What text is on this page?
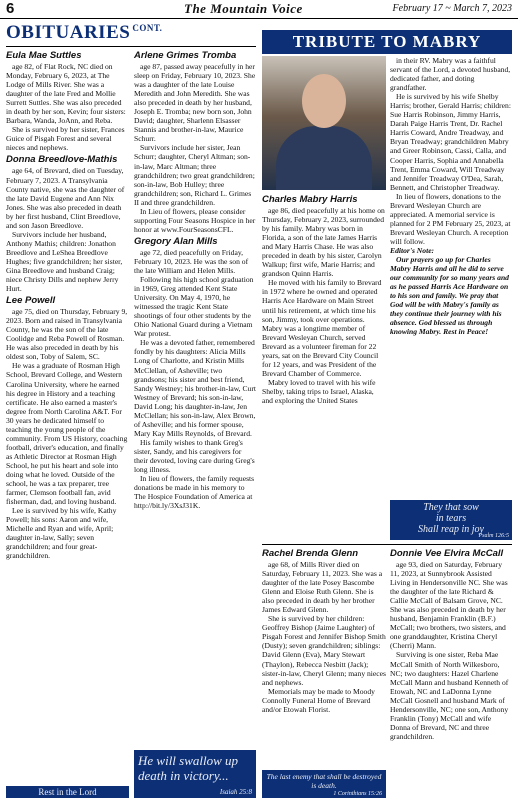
6	The Mountain Voice	February 17 ~ March 7, 2023
OBITUARIES $^{CONT.}$
TRIBUTE TO MABRY
Eula Mae Suttles

age 82, of Flat Rock, NC died on Monday, February 6, 2023, at The Lodge of Mills River. She was a daughter of the late Fred and Mollie Surrett Suttles. She was also preceded in death by her son, Kevin; four sisters: Barbara, Wanda, JoAnn, and Reba.

She is survived by her sister, Frances Guice of Pisgah Forest and several nieces and nephews.

Donna Breedlove-Mathis

age 64, of Brevard, died on Tuesday, February 7, 2023. A Transylvania County native, she was the daughter of the late David Eugene and Ann Nix Jones. She was also preceded in death by her first husband, Clint Breedlove, and son Jason Breedlove.

Survivors include her husband, Anthony Mathis; children: Jonathon Breedlove and LeShea Breedlove Hughes; five grandchildren; her sister, Gina Breedlove and husband Craig; niece Christy Dills and nephew Jerry Hurt.

Lee Powell

age 75, died on Thursday, February 9, 2023. Born and raised in Transylvania County, he was the son of the late Coolidge and Reba Powell of Rosman. He was also preceded in death by his oldest son, Toby of Salem, SC.

He was a graduate of Rosman High School, Brevard College, and Western Carolina University, where he earned his degree in History and a teaching certificate. He also earned a master's degree from North Carolina A&T. For 30 years he dedicated himself to teaching the young people of the community. From US History, coaching football, driver's education, and finally as Athletic Director at Rosman High School, he put his heart and sole into doing what he loved. Outside of the school, he was a tax preparer, tree farmer, Clemson football fan, avid fisherman, dad, and loving husband.

Lee is survived by his wife, Kathy Powell; his sons: Aaron and wife, Michelle and Ryan and wife, April; daughter in-law, Sally; seven grandchildren; and four great-grandchildren.

Rest in the Lord
Arlene Grimes Tromba

age 87, passed away peacefully in her sleep on Friday, February 10, 2023. She was a daughter of the late Louise Meredith and John Meredith. She was also preceded in death by her husband, Joseph E. Tromba; new born son, John David; daughter, Sharlenn Elsasser Stannis and brother-in-law, Maurice Schurr.

Survivors include her sister, Jean Schurr; daughter, Cheryl Altman; son-in-law, Marc Altman; three grandchildren; two great grandchildren; son-in-law, Bob Hulley; three grandchildren; son, Richard L. Grimes II and three grandchildren.

In Lieu of flowers, please consider supporting Four Seasons Hospice in her honor at www.FourSeasonsCFL.

Gregory Alan Mills

age 72, died peacefully on Friday, February 10, 2023. He was the son of the late William and Helen Mills.

Following his high school graduation in 1969, Greg attended Kent State University. On May 4, 1970, he witnessed the tragic Kent State shootings of four other students by the Ohio National Guard during a Vietnam War protest.

He was a devoted father, remembered fondly by his daughters: Alicia Mills Long of Charlotte, and Kristin Mills McClellan, of Asheville; two grandsons; his sister and best friend, Sandy Westney; his brother-in-law, Curt Westney of Brevard; his son-in-law, David Long; his daughter-in-law, Jen McClellan; his son-in-law, Alex Brown, of Asheville; and his former spouse, Mary Kay Mills Reynolds, of Brevard.

His family wishes to thank Greg's sister, Sandy, and his caregivers for their devoted, loving care during Greg's long illness.

In lieu of flowers, the family requests donations be made in his memory to The Hospice Foundation of America at http://bit.ly/3XsJ31K.

He will swallow up death in victory...
Isaiah 25:8
Charles Mabry Harris

age 86, died peacefully at his home on Thursday, February 2, 2023, surrounded by his family. Mabry was born in Florida, a son of the late James Harris and Mary Harris Chase. He was also preceded in death by his sister, Carolyn Walkup; first wife, Marie Harris; and grandson Quinn Harris.

He moved with his family to Brevard in 1972 where he owned and operated Harris Ace Hardware on Main Street until his retirement, at which time his son, Jimmy, took over operations. Mabry was a longtime member of Brevard Wesleyan Church, served Brevard as a volunteer fireman for 22 years, sat on the Brevard City Council for 12 years, and was President of the Brevard Chamber of Commerce.

Mabry loved to travel with his wife Shelby, taking trips to Israel, Alaska, and exploring the United States

in their RV. Mabry was a faithful servant of the Lord, a devoted husband, dedicated father, and doting grandfather.

He is survived by his wife Shelby Harris; brother, Gerald Harris; children: Sue Harris Robinson, Jimmy Harris, Darah Paige Harris Trent, Dr. Rachel Harris Coward, Andre Treadway, and Bryan Treadway; grandchildren Mabry and Greer Robinson, Cassi, Calla, and Cooper Harris, Sophia and Annabella Trent, Emma Coward, Will Treadway and Jennifer Treadway O'Dea, Sarah, Bennett, and Christopher Treadway.

In lieu of flowers, donations to the Brevard Wesleyan Church are appreciated. A memorial service is planned for 2 PM February 25, 2023, at Brevard Wesleyan Church. A reception will follow.

Editor's Note:

Our prayers go up for Charles Mabry Harris and all he did to serve our community for so many years and as he passed Harris Ace Hardware on to his son and family. We pray that God will be with Mabry's family as they continue their journey with his absence. God blessed us through knowing Mabry. Rest in Peace!

They that sow
in tears
Shall reap in joy
Psalm 126:5
Rachel Brenda Glenn

age 68, of Mills River died on Saturday, February 11, 2023. She was a daughter of the late Posey Bascombe Glenn and Eloise Ruth Glenn. She is also preceded in death by her brother James Edward Glenn.

She is survived by her children: Geoffrey Bishop (Jaime Laughter) of Pisgah Forest and Jennifer Bishop Smith (Dusty); seven grandchildren; siblings: David Glenn (Eva), Mary Stewart (Thaylon), Rebecca Nesbitt (Jack); sister-in-law, Cheryl Glenn; many nieces and nephews.

Memorials may be made to Moody Connolly Funeral Home of Brevard and/or Etowah Florist.

The last enemy that shall be destroyed is death.
1 Corinthians 15:26
Donnie Vee Elvira McCall

age 93, died on Saturday, February 11, 2023, at Sunnybrook Assisted Living in Hendersonville NC. She was the daughter of the late Richard & Callie McCall of Balsam Grove, NC. She was also preceded in death by her husband, Benjamin Franklin (B.F.) McCall; two brothers, two sisters, and one granddaughter, Kristina Cheryl (Cherri) Mann.

Surviving is one sister, Reba Mae McCall Smith of North Wilkesboro, NC; two daughters: Hazel Charlene McCall Mann and husband Kenneth of Etowah, NC and LaDonna Lynne McCall Gosnell and husband Mark of Hendersonville, NC; one son, Anthony Franklin (Tony) McCall and wife Donna of Brevard, NC and three grandchildren.
